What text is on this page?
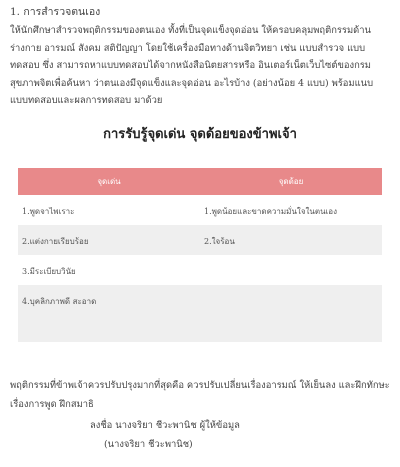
1. การสำรวจตนเอง
ให้นักศึกษาสำรวจพฤติกรรมของตนเอง ทั้งที่เป็นจุดแข็งจุดอ่อน ให้ครอบคลุมพฤติกรรมด้านร่างกาย อารมณ์ สังคม สติปัญญา โดยใช้เครื่องมือทางด้านจิตวิทยา เช่น แบบสำรวจ แบบทดสอบ ซึ่ง สามารถหาแบบทดสอบได้จากหนังสือนิตยสารหรือ อินเตอร์เน็ตเว็บไซต์ของกรมสุขภาพจิตเพื่อค้นหา ว่าตนเองมีจุดแข็งและจุดอ่อน อะไรบ้าง (อย่างน้อย 4 แบบ) พร้อมแนบแบบทดสอบและผลการทดสอบ มาด้วย
การรับรู้จุดเด่น จุดด้อยของข้าพเจ้า
จุดเด่น	จุดด้อย
1.พูดจาไพเราะ	1.พูดน้อยและขาดความมั่นใจในตนเอง
2.แต่งกายเรียบร้อย	2.ใจร้อน
3.มีระเบียบวินัย	
4.บุคลิกภาพดี สะอาด	

พฤติกรรมที่ข้าพเจ้าควรปรับปรุงมากที่สุดคือ ควรปรับเปลี่ยนเรื่องอารมณ์ ให้เย็นลง และฝึกทักษะเรื่องการพูด ฝึกสมาธิ
ลงชื่อ นางจริยา ชีวะพานิช ผู้ให้ข้อมูล
(นางจริยา ชีวะพานิช)
